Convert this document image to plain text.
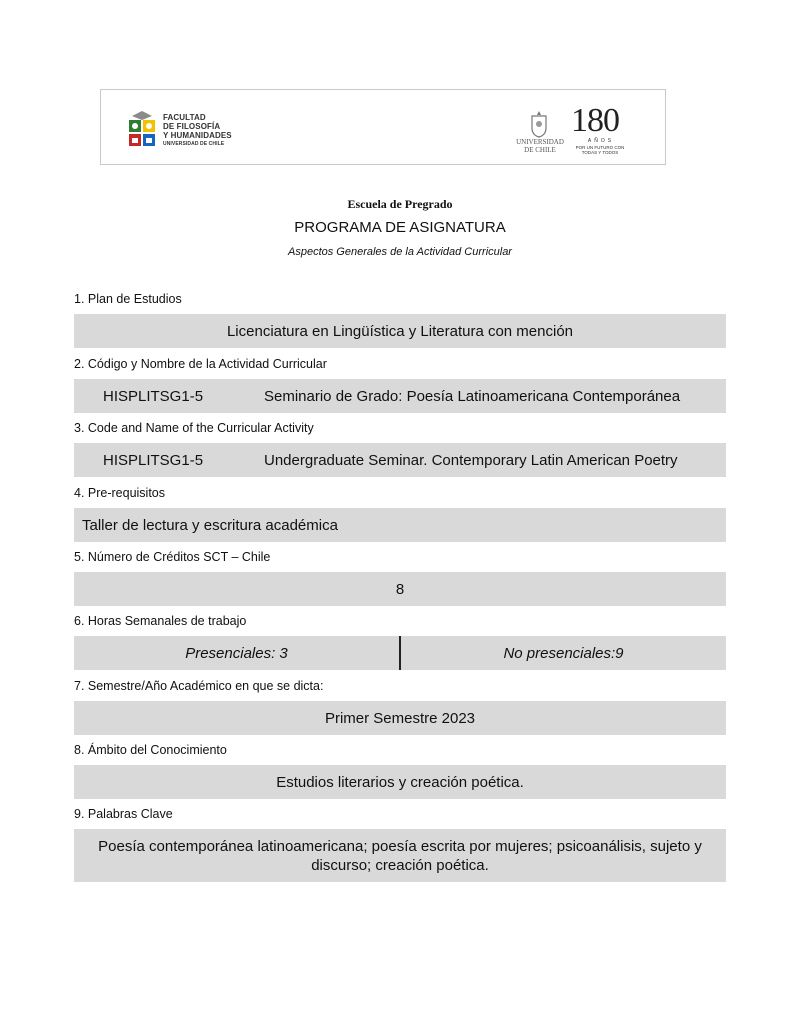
FACULTAD
DE FILOSOFÍA
Y HUMANIDADES
UNIVERSIDAD DE CHILE	UNIVERSIDAD
DE CHILE
180
AÑOS
POR UN FUTURO CON
TODAS Y TODOS
Escuela de Pregrado
PROGRAMA DE ASIGNATURA
Aspectos Generales de la Actividad Curricular
1. Plan de Estudios
Licenciatura en Lingüística y Literatura con mención
2. Código y Nombre de la Actividad Curricular
HISPLITSG1-5	Seminario de Grado: Poesía Latinoamericana Contemporánea
3. Code and Name of the Curricular Activity
HISPLITSG1-5	Undergraduate Seminar. Contemporary Latin American Poetry
4. Pre-requisitos
Taller de lectura y escritura académica
5. Número de Créditos SCT – Chile
8
6. Horas Semanales de trabajo
Presenciales: 3	No presenciales:9
7. Semestre/Año Académico en que se dicta:
Primer Semestre 2023
8. Ámbito del Conocimiento
Estudios literarios y creación poética.
9. Palabras Clave
Poesía contemporánea latinoamericana; poesía escrita por mujeres; psicoanálisis, sujeto y discurso; creación poética.
